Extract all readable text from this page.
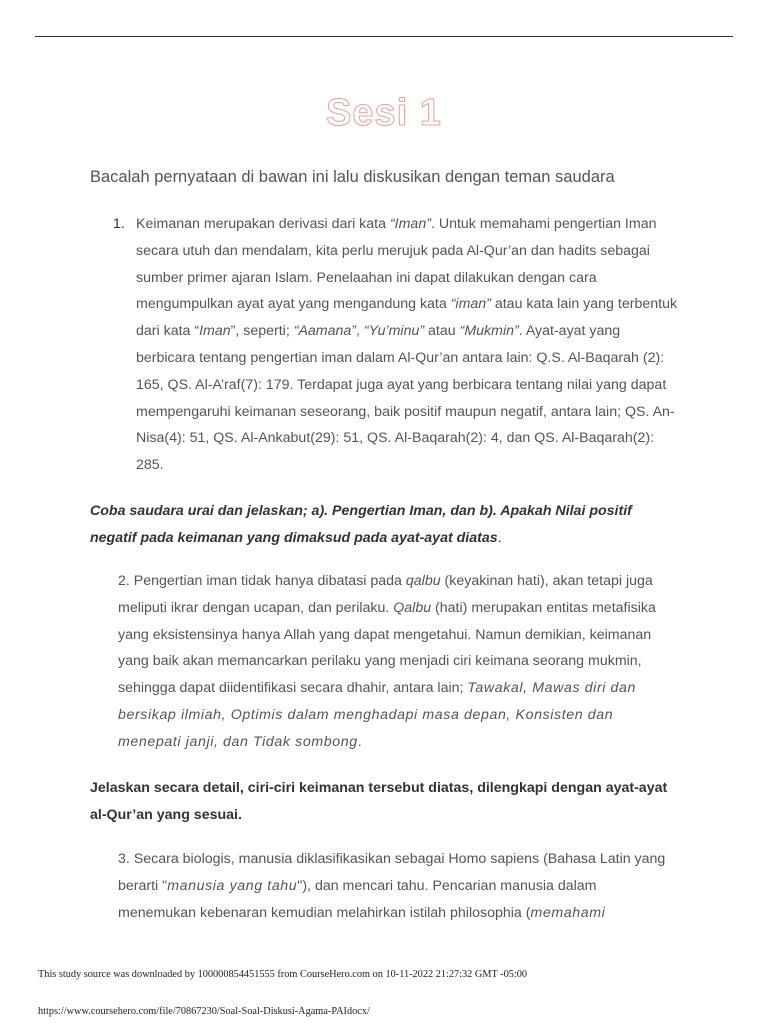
Sesi 1
Bacalah pernyataan di bawan ini lalu diskusikan dengan teman saudara
1. Keimanan merupakan derivasi dari kata “Iman”. Untuk memahami pengertian Iman secara utuh dan mendalam, kita perlu merujuk pada Al-Qur’an dan hadits sebagai sumber primer ajaran Islam. Penelaahan ini dapat dilakukan dengan cara mengumpulkan ayat ayat yang mengandung kata “iman” atau kata lain yang terbentuk dari kata “Iman”, seperti; “Aamana”, “Yu’minu” atau “Mukmin”. Ayat-ayat yang berbicara tentang pengertian iman dalam Al-Qur’an antara lain: Q.S. Al-Baqarah (2): 165, QS. Al-A’raf(7): 179. Terdapat juga ayat yang berbicara tentang nilai yang dapat mempengaruhi keimanan seseorang, baik positif maupun negatif, antara lain; QS. An-Nisa(4): 51, QS. Al-Ankabut(29): 51, QS. Al-Baqarah(2): 4, dan QS. Al-Baqarah(2): 285.
Coba saudara urai dan jelaskan; a). Pengertian Iman, dan b). Apakah Nilai positif negatif pada keimanan yang dimaksud pada ayat-ayat diatas.
2. Pengertian iman tidak hanya dibatasi pada qalbu (keyakinan hati), akan tetapi juga meliputi ikrar dengan ucapan, dan perilaku. Qalbu (hati) merupakan entitas metafisika yang eksistensinya hanya Allah yang dapat mengetahui. Namun demikian, keimanan yang baik akan memancarkan perilaku yang menjadi ciri keimana seorang mukmin, sehingga dapat diidentifikasi secara dhahir, antara lain; Tawakal, Mawas diri dan bersikap ilmiah, Optimis dalam menghadapi masa depan, Konsisten dan menepati janji, dan Tidak sombong.
Jelaskan secara detail, ciri-ciri keimanan tersebut diatas, dilengkapi dengan ayat-ayat al-Qur’an yang sesuai.
3. Secara biologis, manusia diklasifikasikan sebagai Homo sapiens (Bahasa Latin yang berarti "manusia yang tahu"), dan mencari tahu. Pencarian manusia dalam menemukan kebenaran kemudian melahirkan istilah philosophia (memahami
This study source was downloaded by 100000854451555 from CourseHero.com on 10-11-2022 21:27:32 GMT -05:00
https://www.coursehero.com/file/70867230/Soal-Soal-Diskusi-Agama-PAIdocx/
